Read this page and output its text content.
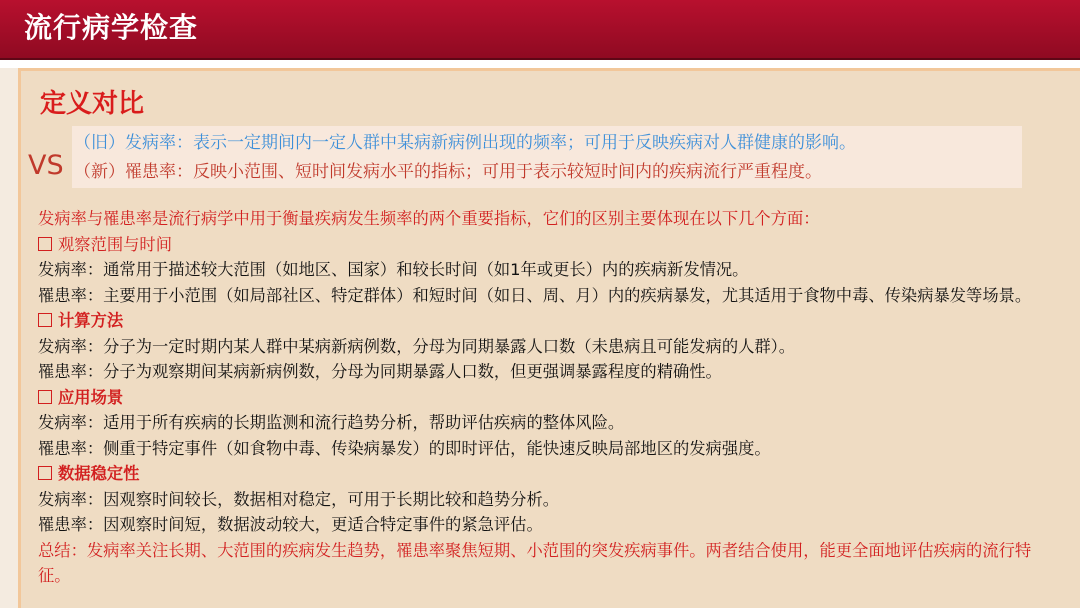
流行病学检查
定义对比
VS
（旧）发病率：表示一定期间内一定人群中某病新病例出现的频率；可用于反映疾病对人群健康的影响。
（新）罹患率：反映小范围、短时间发病水平的指标；可用于表示较短时间内的疾病流行严重程度。

发病率与罹患率是流行病学中用于衡量疾病发生频率的两个重要指标，它们的区别主要体现在以下几个方面：

观察范围与时间

发病率：通常用于描述较大范围（如地区、国家）和较长时间（如1年或更长）内的疾病新发情况。

罹患率：主要用于小范围（如局部社区、特定群体）和短时间（如日、周、月）内的疾病暴发，尤其适用于食物中毒、传染病暴发等场景。

计算方法

发病率：分子为一定时期内某人群中某病新病例数，分母为同期暴露人口数（未患病且可能发病的人群）。

罹患率：分子为观察期间某病新病例数，分母为同期暴露人口数，但更强调暴露程度的精确性。

应用场景

发病率：适用于所有疾病的长期监测和流行趋势分析，帮助评估疾病的整体风险。

罹患率：侧重于特定事件（如食物中毒、传染病暴发）的即时评估，能快速反映局部地区的发病强度。

数据稳定性

发病率：因观察时间较长，数据相对稳定，可用于长期比较和趋势分析。

罹患率：因观察时间短，数据波动较大，更适合特定事件的紧急评估。

总结：发病率关注长期、大范围的疾病发生趋势，罹患率聚焦短期、小范围的突发疾病事件。两者结合使用，能更全面地评估疾病的流行特征。
